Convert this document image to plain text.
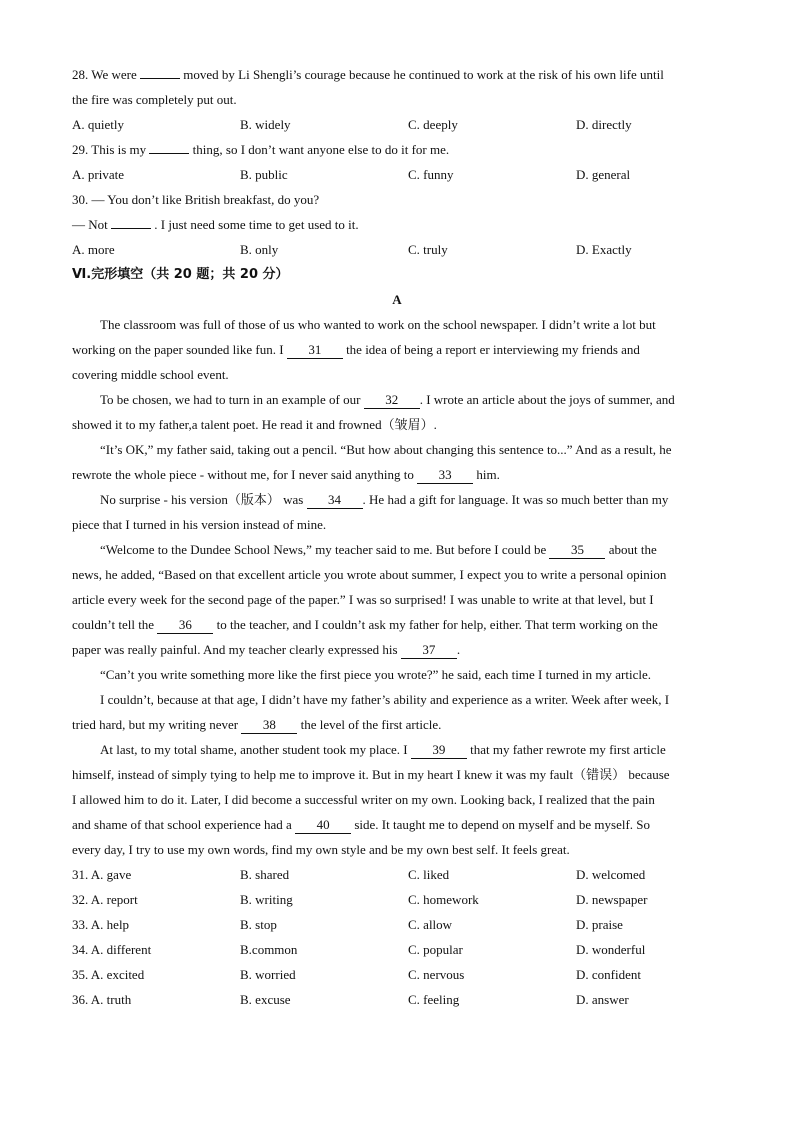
28. We were	moved by Li Shengli’s courage because he continued to work at the risk of his own life until
the fire was completely put out.
A. quietly	B. widely	C. deeply	D. directly
29. This is my	thing, so I don’t want anyone else to do it for me.
A. private	B. public	C. funny	D. general
30. — You don’t like British breakfast, do you?
— Not	. I just need some time to get used to it.
A. more	B. only	C. truly	D. Exactly
Ⅵ.完形填空（共 20 题；共 20 分）
A
The classroom was full of those of us who wanted to work on the school newspaper. I didn’t write a lot but
working on the paper sounded like fun. I 31 the idea of being a report er interviewing my friends and
covering middle school event.
To be chosen, we had to turn in an example of our 32 . I wrote an article about the joys of summer, and
showed it to my father,a talent poet. He read it and frowned（皱眉）.
“It’s OK,” my father said, taking out a pencil. “But how about changing this sentence to...” And as a result, he
rewrote the whole piece - without me, for I never said anything to 33 him.
No surprise - his version（版本） was 34 . He had a gift for language. It was so much better than my
piece that I turned in his version instead of mine.
“Welcome to the Dundee School News,” my teacher said to me. But before I could be 35 about the
news, he added, “Based on that excellent article you wrote about summer, I expect you to write a personal opinion
article every week for the second page of the paper.” I was so surprised! I was unable to write at that level, but I
couldn’t tell the 36 to the teacher, and I couldn’t ask my father for help, either. That term working on the
paper was really painful. And my teacher clearly expressed his 37 .
“Can’t you write something more like the first piece you wrote?” he said, each time I turned in my article.
I couldn’t, because at that age, I didn’t have my father’s ability and experience as a writer. Week after week, I
tried hard, but my writing never 38 the level of the first article.
At last, to my total shame, another student took my place. I 39 that my father rewrote my first article
himself, instead of simply tying to help me to improve it. But in my heart I knew it was my fault（错误） because
I allowed him to do it. Later, I did become a successful writer on my own. Looking back, I realized that the pain
and shame of that school experience had a 40 side. It taught me to depend on myself and be myself. So
every day, I try to use my own words, find my own style and be my own best self. It feels great.
31. A. gave	B. shared	C. liked	D. welcomed
32. A. report	B. writing	C. homework	D. newspaper
33. A. help	B. stop	C. allow	D. praise
34. A. different	B.common	C. popular	D. wonderful
35. A. excited	B. worried	C. nervous	D. confident
36. A. truth	B. excuse	C. feeling	D. answer
